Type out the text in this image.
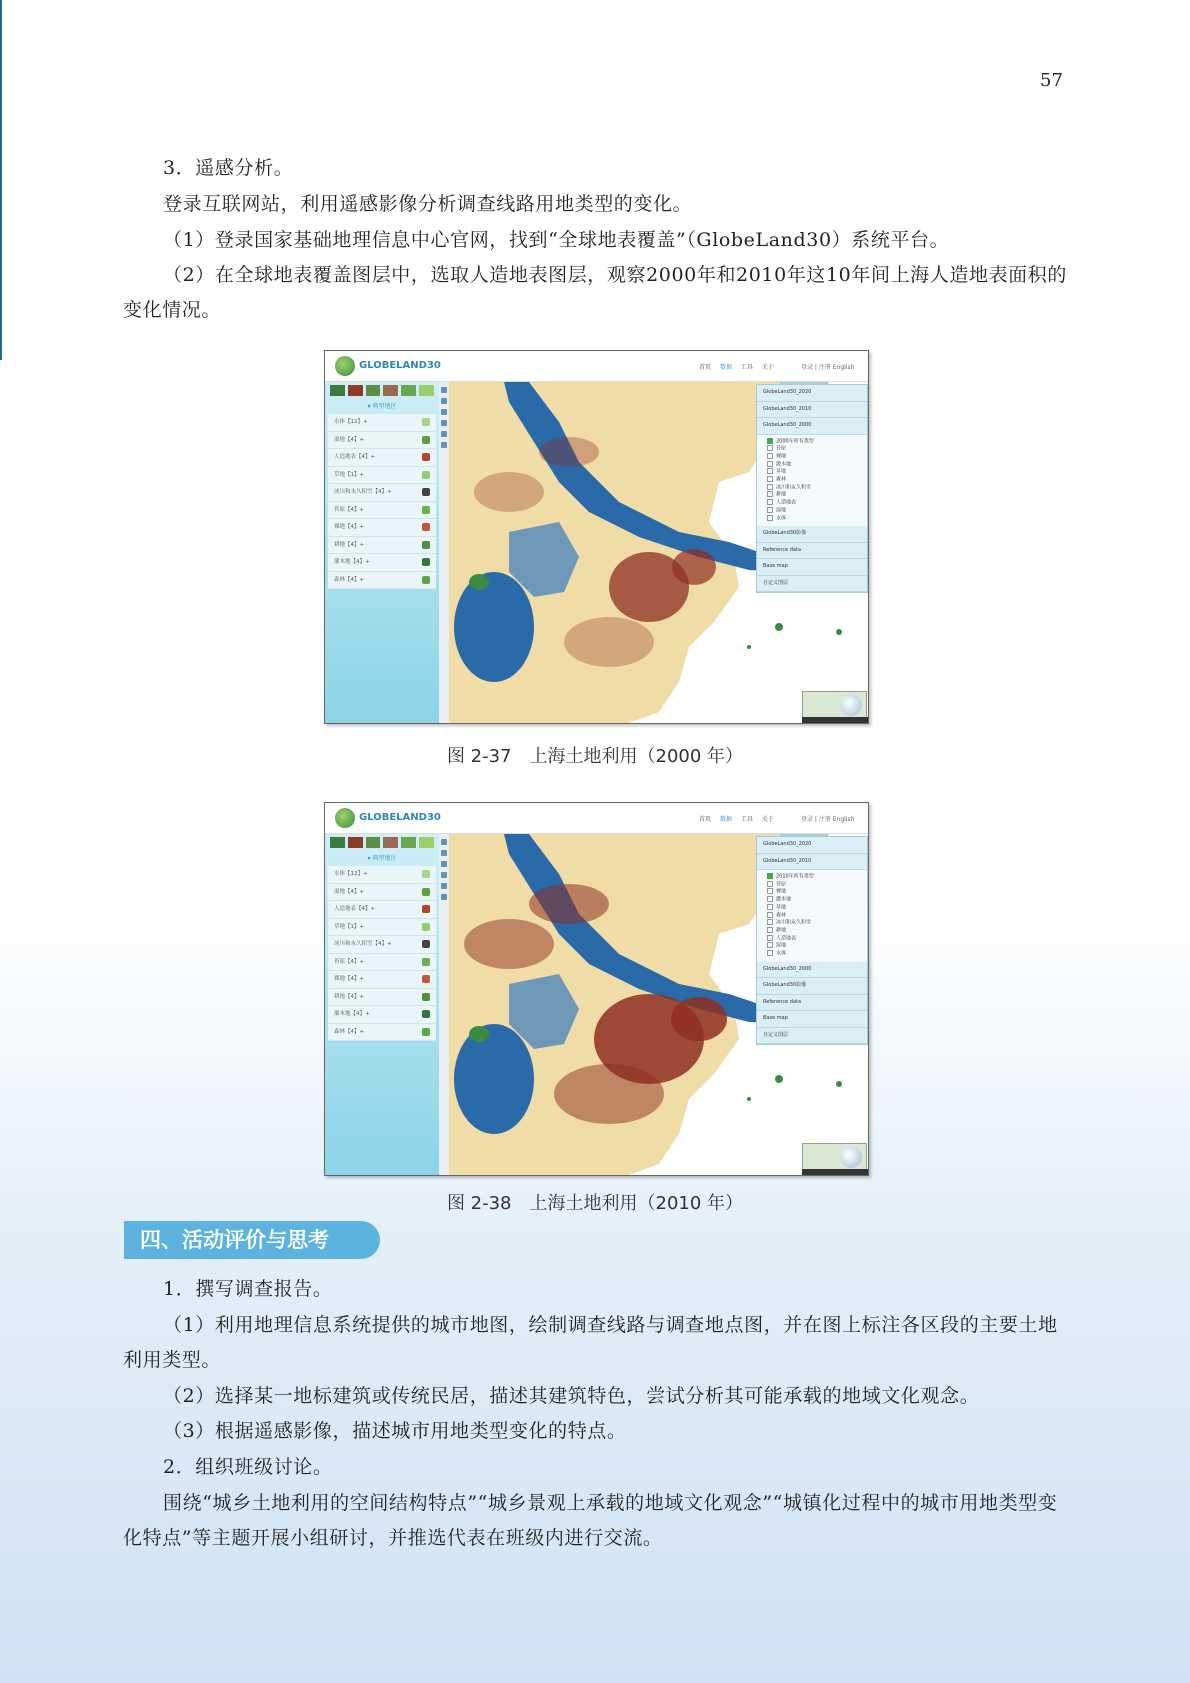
57
3．遥感分析。
登录互联网站，利用遥感影像分析调查线路用地类型的变化。
（1）登录国家基础地理信息中心官网，找到“全球地表覆盖”（GlobeLand30）系统平台。
（2）在全球地表覆盖图层中，选取人造地表图层，观察2000年和2010年这10年间上海人造地表面积的变化情况。
GLOBELAND30	首页 数据 工具 关于	登录 | 注册 English
▾ 典型地区
水体【12】+
湿地【4】+
人造地表【4】+
草地【1】+
冰川和永久积雪【4】+
苔原【4】+
裸地【4】+
耕地【4】+
灌木地【4】+
森林【4】+
GlobeLand30_2020
GlobeLand30_2010
GlobeLand30_2000
2000年所有类型
苔原
裸地
灌木地
草地
森林
冰川和永久积雪
耕地
人造地表
湿地
水体
GlobeLand30影像
Reference data
Base map
自定义图层
图 2-37 上海土地利用（2000 年）
GLOBELAND30	首页 数据 工具 关于	登录 | 注册 English
▾ 典型地区
水体【12】+
湿地【4】+
人造地表【4】+
草地【1】+
冰川和永久积雪【4】+
苔原【4】+
裸地【4】+
耕地【4】+
灌木地【4】+
森林【4】+
GlobeLand30_2020
GlobeLand30_2010
2010年所有类型
苔原
裸地
灌木地
草地
森林
冰川和永久积雪
耕地
人造地表
湿地
水体
GlobeLand30_2000
GlobeLand30影像
Reference data
Base map
自定义图层
图 2-38 上海土地利用（2010 年）
四、活动评价与思考
1．撰写调查报告。
（1）利用地理信息系统提供的城市地图，绘制调查线路与调查地点图，并在图上标注各区段的主要土地利用类型。
（2）选择某一地标建筑或传统民居，描述其建筑特色，尝试分析其可能承载的地域文化观念。
（3）根据遥感影像，描述城市用地类型变化的特点。
2．组织班级讨论。
围绕“城乡土地利用的空间结构特点”“城乡景观上承载的地域文化观念”“城镇化过程中的城市用地类型变化特点”等主题开展小组研讨，并推选代表在班级内进行交流。
